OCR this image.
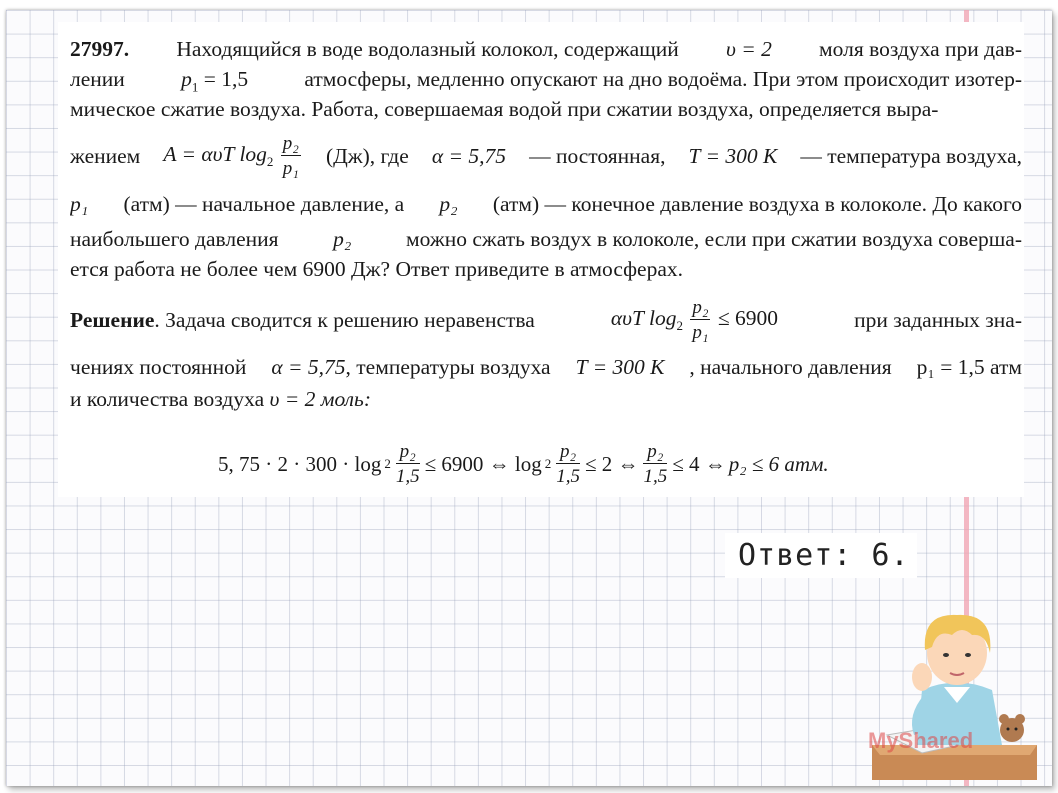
27997. Находящийся в воде водолазный колокол, содержащий υ = 2 моля воздуха при дав-
лении	$p_1 = 1,5$	атмосферы, медленно опускают на дно водоёма. При этом происходит изотер-
мическое сжатие воздуха. Работа, совершаемая водой при сжатии воздуха, определяется выра-
жением A = αυT $\log_2 \frac{\text{p₂}}{\text{p₁}} (Дж)$, где α = 5,75 — постоянная, T = 300 К — температура воздуха,
p₁ (атм) — начальное давление, а p₂ (атм) — конечное давление воздуха в колоколе. До какого
наибольшего давления	p₂	можно сжать воздух в колоколе, если при сжатии воздуха соверша-
ется работа не более чем 6900 Дж? Ответ приведите в атмосферах.
Решение. Задача сводится к решению неравенства	αυT $\log_2 \frac{\text{p₂}}{\text{p₁}} \le 6900$	при заданных зна-
чениях постоянной α = 5,75, температуры воздуха T = 300 К , начального давления p₁ = 1,5 атм
и количества воздуха υ = 2 моль:
5, $75 \cdot 2 \cdot 300 \cdot \log 2 \frac{\text{p₂}}{1,5} \le 6900$ ⇔ $\log 2 \frac{\text{p₂}}{1,5} \le 2$ ⇔ $\frac{\text{p₂}}{1,5} \le 4$ ⇔ p₂ ≤ 6 атм.
Ответ: 6.
MyShared
